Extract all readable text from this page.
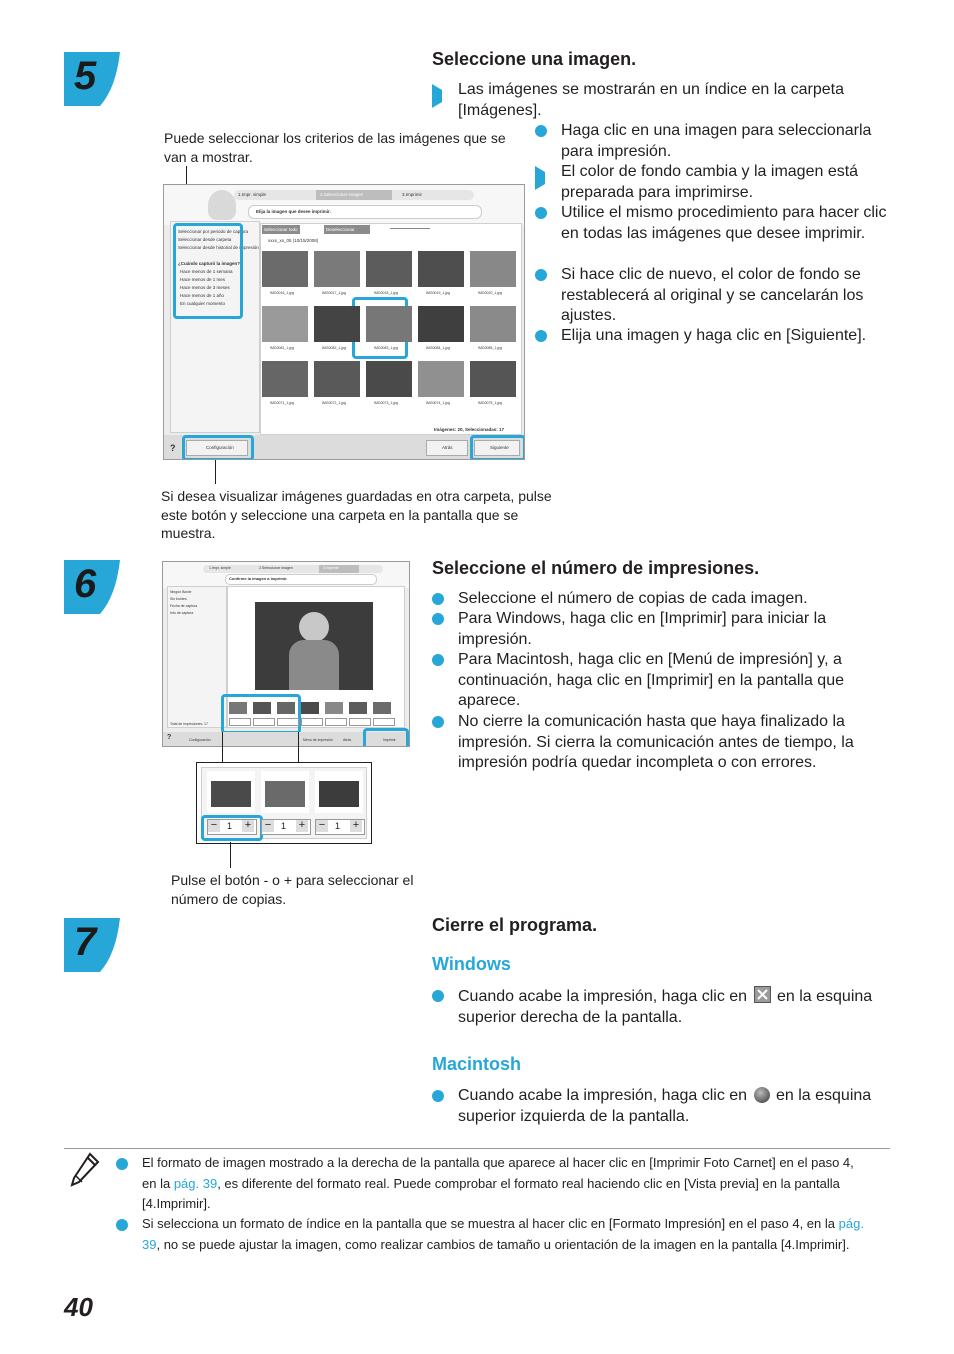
5	Seleccione una imagen.
Las imágenes se mostrarán en un índice en la carpeta [Imágenes].
Haga clic en una imagen para seleccionarla para impresión.
El color de fondo cambia y la imagen está preparada para imprimirse.
Utilice el mismo procedimiento para hacer clic en todas las imágenes que desee imprimir.
Si hace clic de nuevo, el color de fondo se restablecerá al original y se cancelarán los ajustes.
Elija una imagen y haga clic en [Siguiente].
Puede seleccionar los criterios de las imágenes que se van a mostrar.
1.Impr. simple	2.Seleccionar imagen	3.Imprimir
Elija la imagen que desee imprimir.
Seleccionar por periodo de captura
Seleccionar desde carpeta
Seleccionar desde historial de impresión
¿Cuándo capturó la imagen?
Hace menos de 1 semana
Hace menos de 1 mes
Hace menos de 3 meses
Hace menos de 1 año
En cualquier momento
Seleccionar todo	Deseleccionar
xxxx_xx_05 (10/15/2008)
Imágenes: 20, Seleccionadas: 17
?	Configuración	Atrás	Siguiente
IMG0016_1.jpg	IMG0017_1.jpg	IMG0018_1.jpg	IMG0019_1.jpg	IMG0020_1.jpg
IMG0081_1.jpg	IMG0082_1.jpg	IMG0083_1.jpg	IMG0084_1.jpg	IMG0085_1.jpg
IMG0071_1.jpg	IMG0072_1.jpg	IMG0073_1.jpg	IMG0074_1.jpg	IMG0075_1.jpg
Si desea visualizar imágenes guardadas en otra carpeta, pulse este botón y seleccione una carpeta en la pantalla que se muestra.
6	Seleccione el número de impresiones.
Seleccione el número de copias de cada imagen.
Para Windows, haga clic en [Imprimir] para iniciar la impresión.
Para Macintosh, haga clic en [Menú de impresión] y, a continuación, haga clic en [Imprimir] en la pantalla que aparece.
No cierre la comunicación hasta que haya finalizado la impresión. Si cierra la comunicación antes de tiempo, la impresión podría quedar incompleta o con errores.
1.Impr. simple	2.Seleccionar imagen	3.Imprimir
Confirme la imagen a imprimir.
Ningún Borde
Sin bordes
Fecha de captura
Info de captura
Total de impresiones: 17
?	Configuración	Menú de impresión	Atrás	Imprimir
−	1 + −	1 + −	1 +
Pulse el botón - o + para seleccionar el número de copias.
7	Cierre el programa.
Windows
Cuando acabe la impresión, haga clic en en la esquina superior derecha de la pantalla.
Macintosh
Cuando acabe la impresión, haga clic en en la esquina superior izquierda de la pantalla.
El formato de imagen mostrado a la derecha de la pantalla que aparece al hacer clic en [Imprimir Foto Carnet] en el paso 4, en la pág. 39, es diferente del formato real. Puede comprobar el formato real haciendo clic en [Vista previa] en la pantalla [4.Imprimir].
Si selecciona un formato de índice en la pantalla que se muestra al hacer clic en [Formato Impresión] en el paso 4, en la pág. 39, no se puede ajustar la imagen, como realizar cambios de tamaño u orientación de la imagen en la pantalla [4.Imprimir].
40
